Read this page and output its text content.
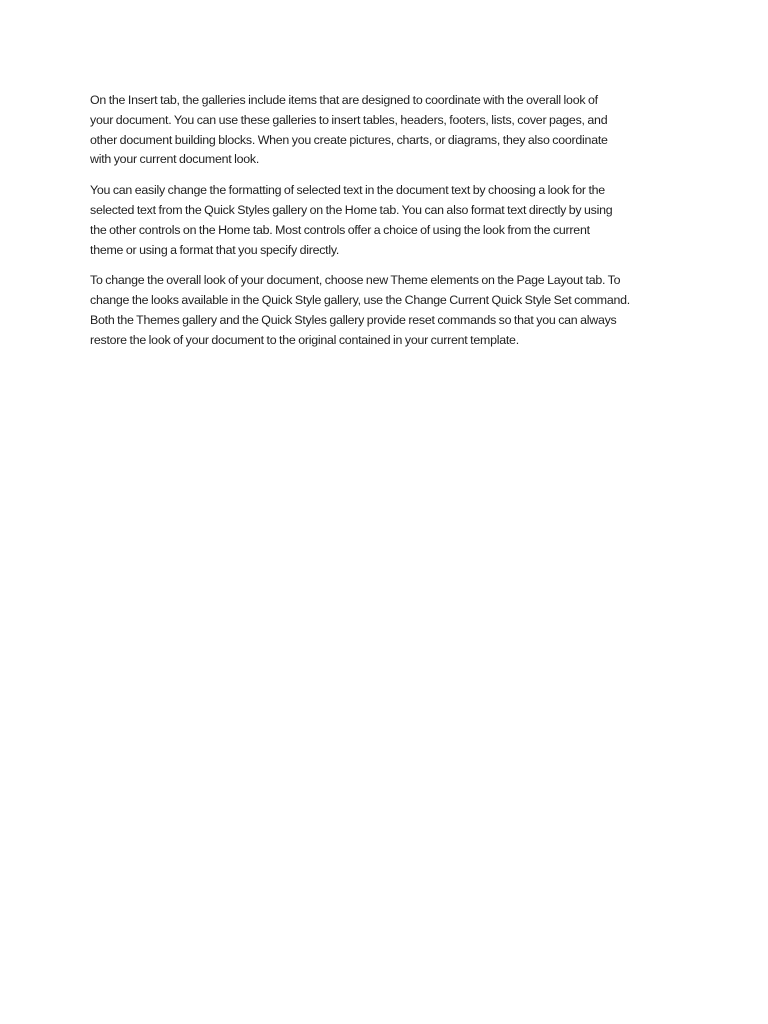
On the Insert tab, the galleries include items that are designed to coordinate with the overall look of
your document. You can use these galleries to insert tables, headers, footers, lists, cover pages, and
other document building blocks. When you create pictures, charts, or diagrams, they also coordinate
with your current document look.

You can easily change the formatting of selected text in the document text by choosing a look for the
selected text from the Quick Styles gallery on the Home tab. You can also format text directly by using
the other controls on the Home tab. Most controls offer a choice of using the look from the current
theme or using a format that you specify directly.

To change the overall look of your document, choose new Theme elements on the Page Layout tab. To
change the looks available in the Quick Style gallery, use the Change Current Quick Style Set command.
Both the Themes gallery and the Quick Styles gallery provide reset commands so that you can always
restore the look of your document to the original contained in your current template.
